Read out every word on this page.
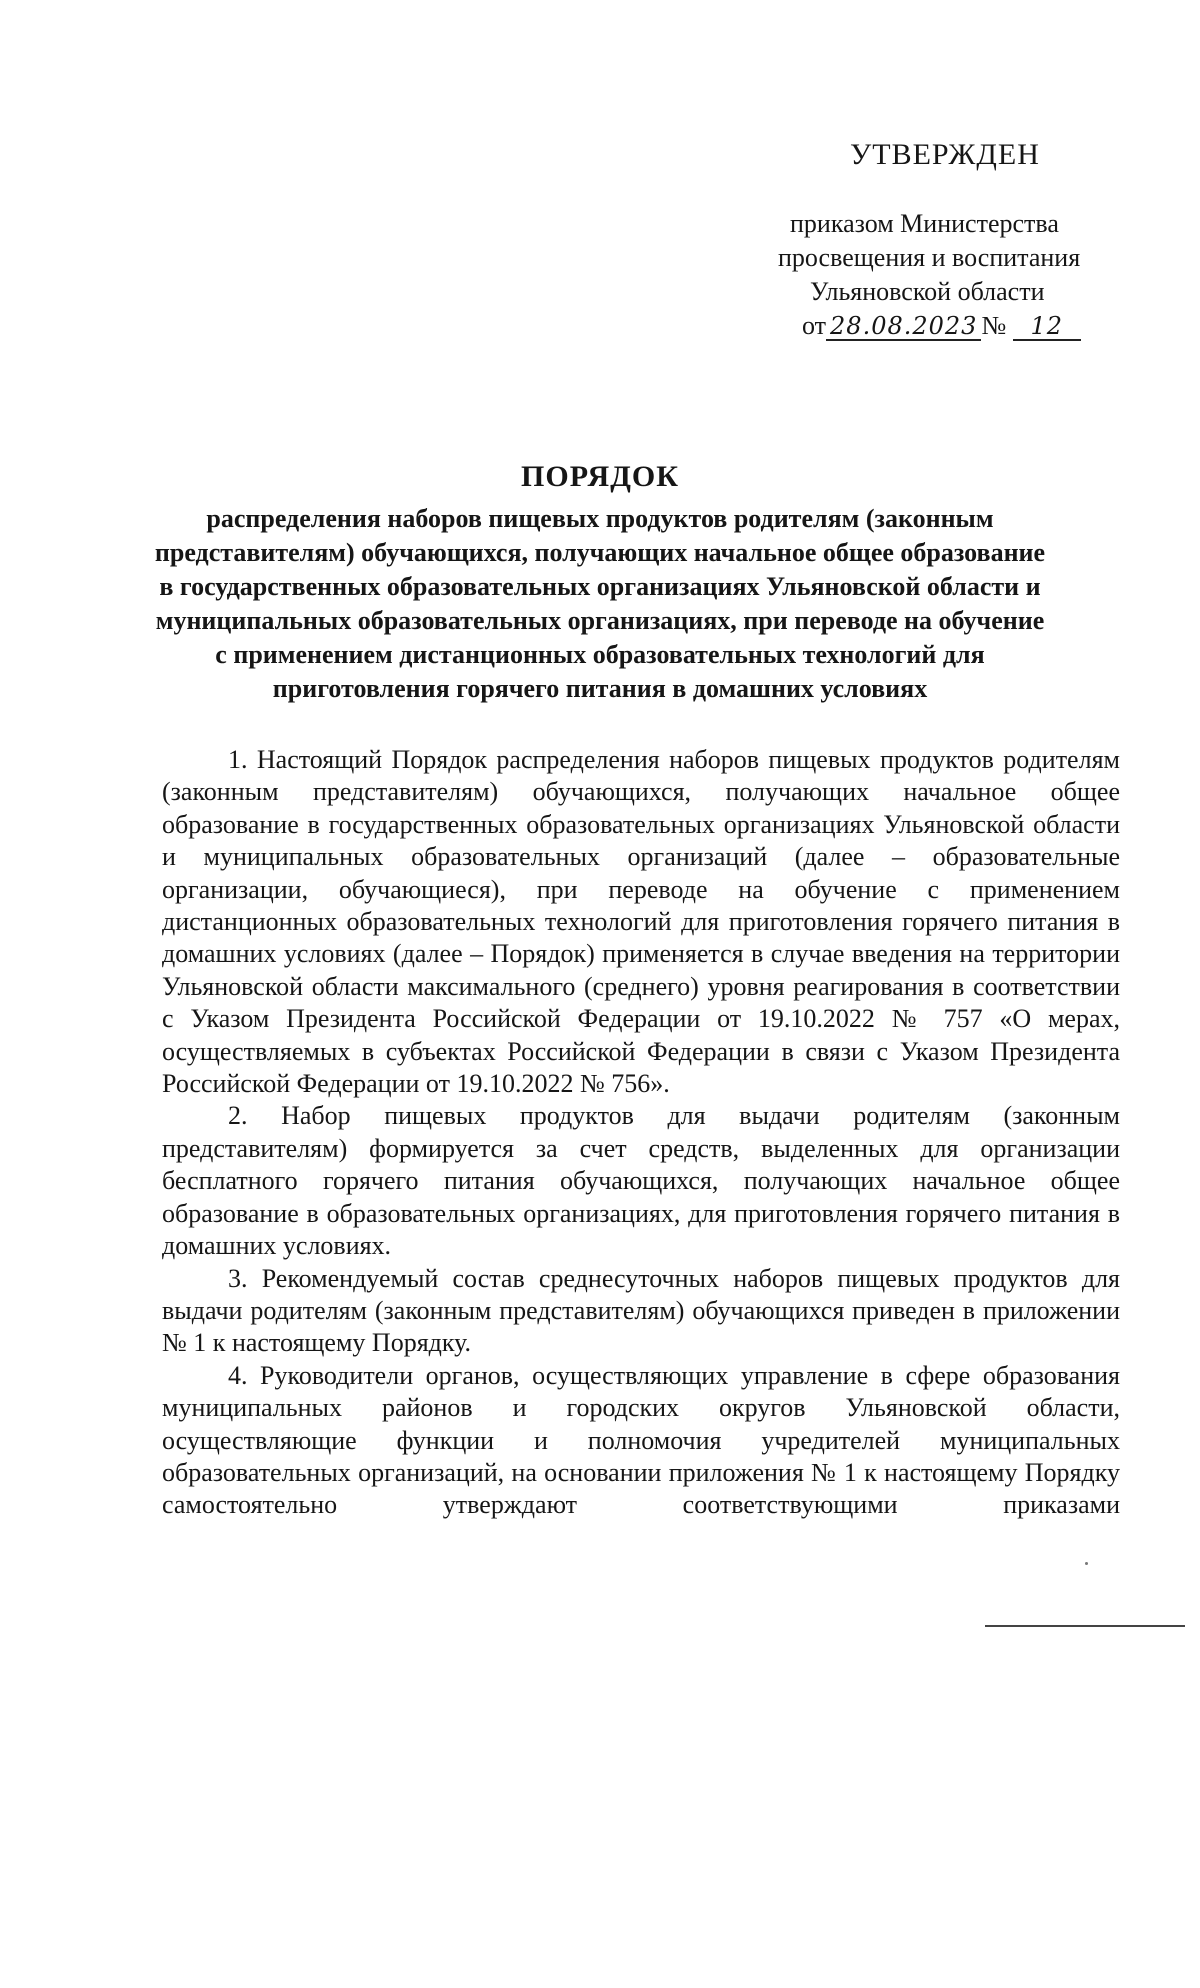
УТВЕРЖДЕН
приказом Министерства
просвещения и воспитания
Ульяновской области
от 28.08.2023 № 12
ПОРЯДОК
распределения наборов пищевых продуктов родителям (законным представителям) обучающихся, получающих начальное общее образование в государственных образовательных организациях Ульяновской области и муниципальных образовательных организациях, при переводе на обучение с применением дистанционных образовательных технологий для приготовления горячего питания в домашних условиях

1. Настоящий Порядок распределения наборов пищевых продуктов родителям (законным представителям) обучающихся, получающих начальное общее образование в государственных образовательных организациях Ульяновской области и муниципальных образовательных организаций (далее – образовательные организации, обучающиеся), при переводе на обучение с применением дистанционных образовательных технологий для приготовления горячего питания в домашних условиях (далее – Порядок) применяется в случае введения на территории Ульяновской области максимального (среднего) уровня реагирования в соответствии с Указом Президента Российской Федерации от 19.10.2022 № 757 «О мерах, осуществляемых в субъектах Российской Федерации в связи с Указом Президента Российской Федерации от 19.10.2022 № 756».

2. Набор пищевых продуктов для выдачи родителям (законным представителям) формируется за счет средств, выделенных для организации бесплатного горячего питания обучающихся, получающих начальное общее образование в образовательных организациях, для приготовления горячего питания в домашних условиях.

3. Рекомендуемый состав среднесуточных наборов пищевых продуктов для выдачи родителям (законным представителям) обучающихся приведен в приложении № 1 к настоящему Порядку.

4. Руководители органов, осуществляющих управление в сфере образования муниципальных районов и городских округов Ульяновской области, осуществляющие функции и полномочия учредителей муниципальных образовательных организаций, на основании приложения № 1 к настоящему Порядку самостоятельно утверждают соответствующими приказами
